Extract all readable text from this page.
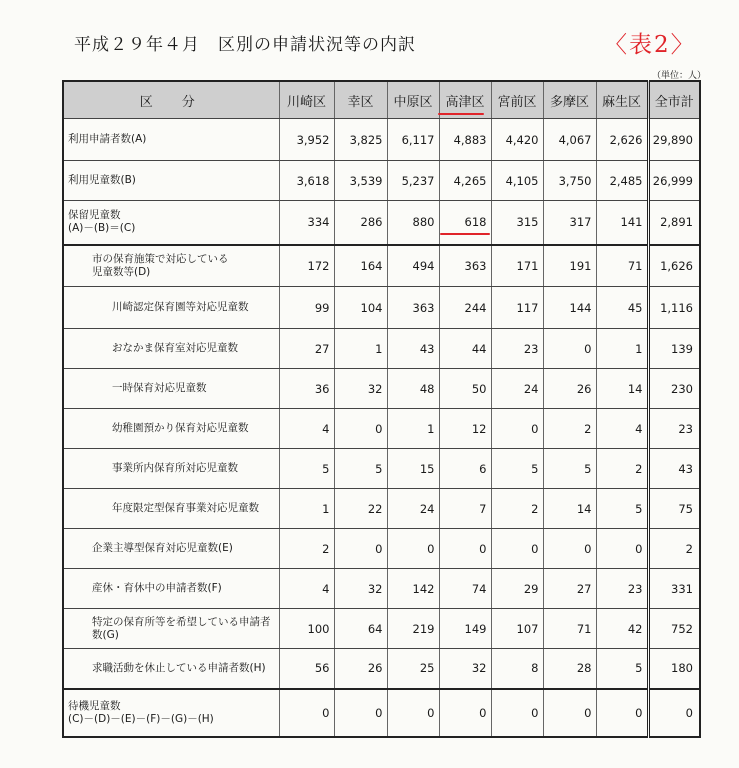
平成２９年４月　区別の申請状況等の内訳	〈表2〉
（単位：人）
区　分	川崎区	幸区	中原区	高津区	宮前区	多摩区	麻生区	全市計
利用申請者数(A)	3,952	3,825	6,117	4,883	4,420	4,067	2,626	29,890
利用児童数(B)	3,618	3,539	5,237	4,265	4,105	3,750	2,485	26,999
保留児童数
(A)－(B)＝(C)	334	286	880	618	315	317	141	2,891
市の保育施策で対応している
児童数等(D)	172	164	494	363	171	191	71	1,626
川崎認定保育園等対応児童数	99	104	363	244	117	144	45	1,116
おなかま保育室対応児童数	27	1	43	44	23	0	1	139
一時保育対応児童数	36	32	48	50	24	26	14	230
幼稚園預かり保育対応児童数	4	0	1	12	0	2	4	23
事業所内保育所対応児童数	5	5	15	6	5	5	2	43
年度限定型保育事業対応児童数	1	22	24	7	2	14	5	75
企業主導型保育対応児童数(E)	2	0	0	0	0	0	0	2
産休・育休中の申請者数(F)	4	32	142	74	29	27	23	331
特定の保育所等を希望している申請者数(G)	100	64	219	149	107	71	42	752
求職活動を休止している申請者数(H)	56	26	25	32	8	28	5	180
待機児童数
(C)－(D)－(E)－(F)－(G)－(H)	0	0	0	0	0	0	0	0
